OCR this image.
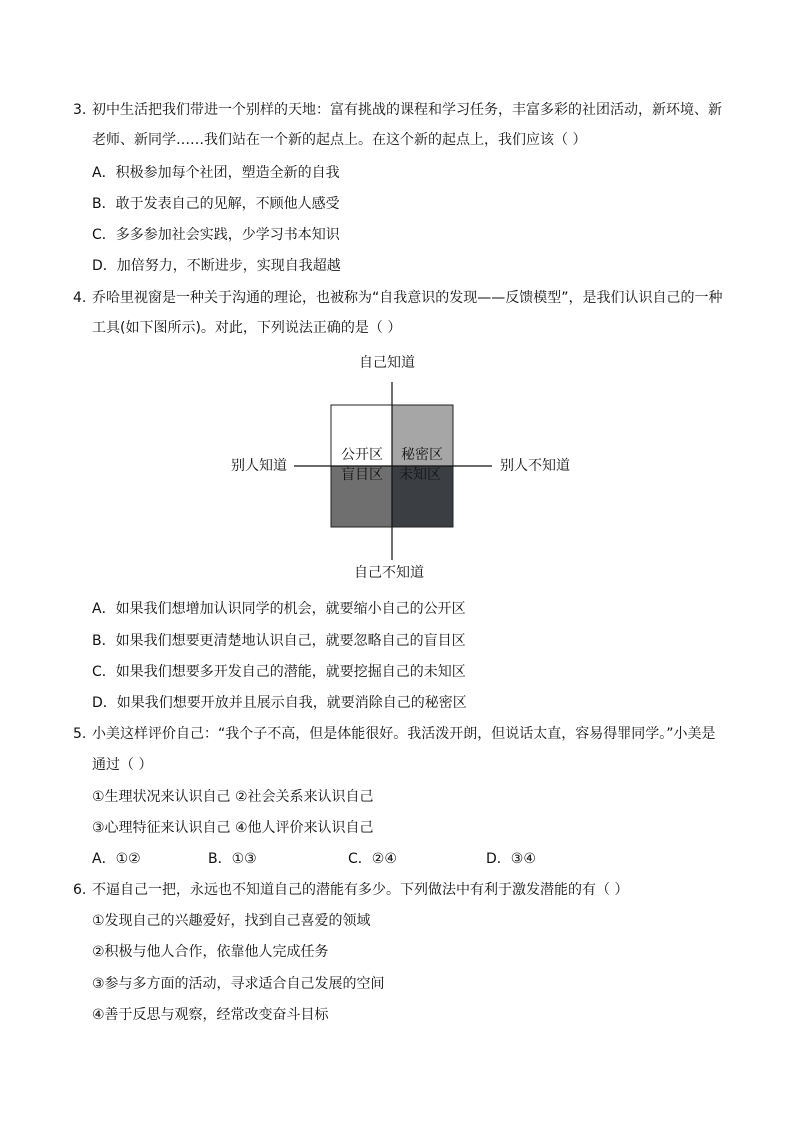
3. 初中生活把我们带进一个别样的天地：富有挑战的课程和学习任务，丰富多彩的社团活动，新环境、新
老师、新同学……我们站在一个新的起点上。在这个新的起点上，我们应该（ ）
A．积极参加每个社团，塑造全新的自我
B．敢于发表自己的见解，不顾他人感受
C．多多参加社会实践，少学习书本知识
D．加倍努力，不断进步，实现自我超越
4. 乔哈里视窗是一种关于沟通的理论，也被称为“自我意识的发现——反馈模型”，是我们认识自己的一种
工具(如下图所示)。对此，下列说法正确的是（ ）
自己知道
自己不知道
别人知道	别人不知道
公开区 秘密区
盲目区 未知区
A．如果我们想增加认识同学的机会，就要缩小自己的公开区
B．如果我们想要更清楚地认识自己，就要忽略自己的盲目区
C．如果我们想要多开发自己的潜能，就要挖掘自己的未知区
D．如果我们想要开放并且展示自我，就要消除自己的秘密区
5. 小美这样评价自己：“我个子不高，但是体能很好。我活泼开朗，但说话太直，容易得罪同学。”小美是
通过（ ）
①生理状况来认识自己 ②社会关系来认识自己
③心理特征来认识自己 ④他人评价来认识自己
A．①②	B．①③	C．②④	D．③④
6. 不逼自己一把，永远也不知道自己的潜能有多少。下列做法中有利于激发潜能的有（ ）
①发现自己的兴趣爱好，找到自己喜爱的领域
②积极与他人合作，依靠他人完成任务
③参与多方面的活动，寻求适合自己发展的空间
④善于反思与观察，经常改变奋斗目标
